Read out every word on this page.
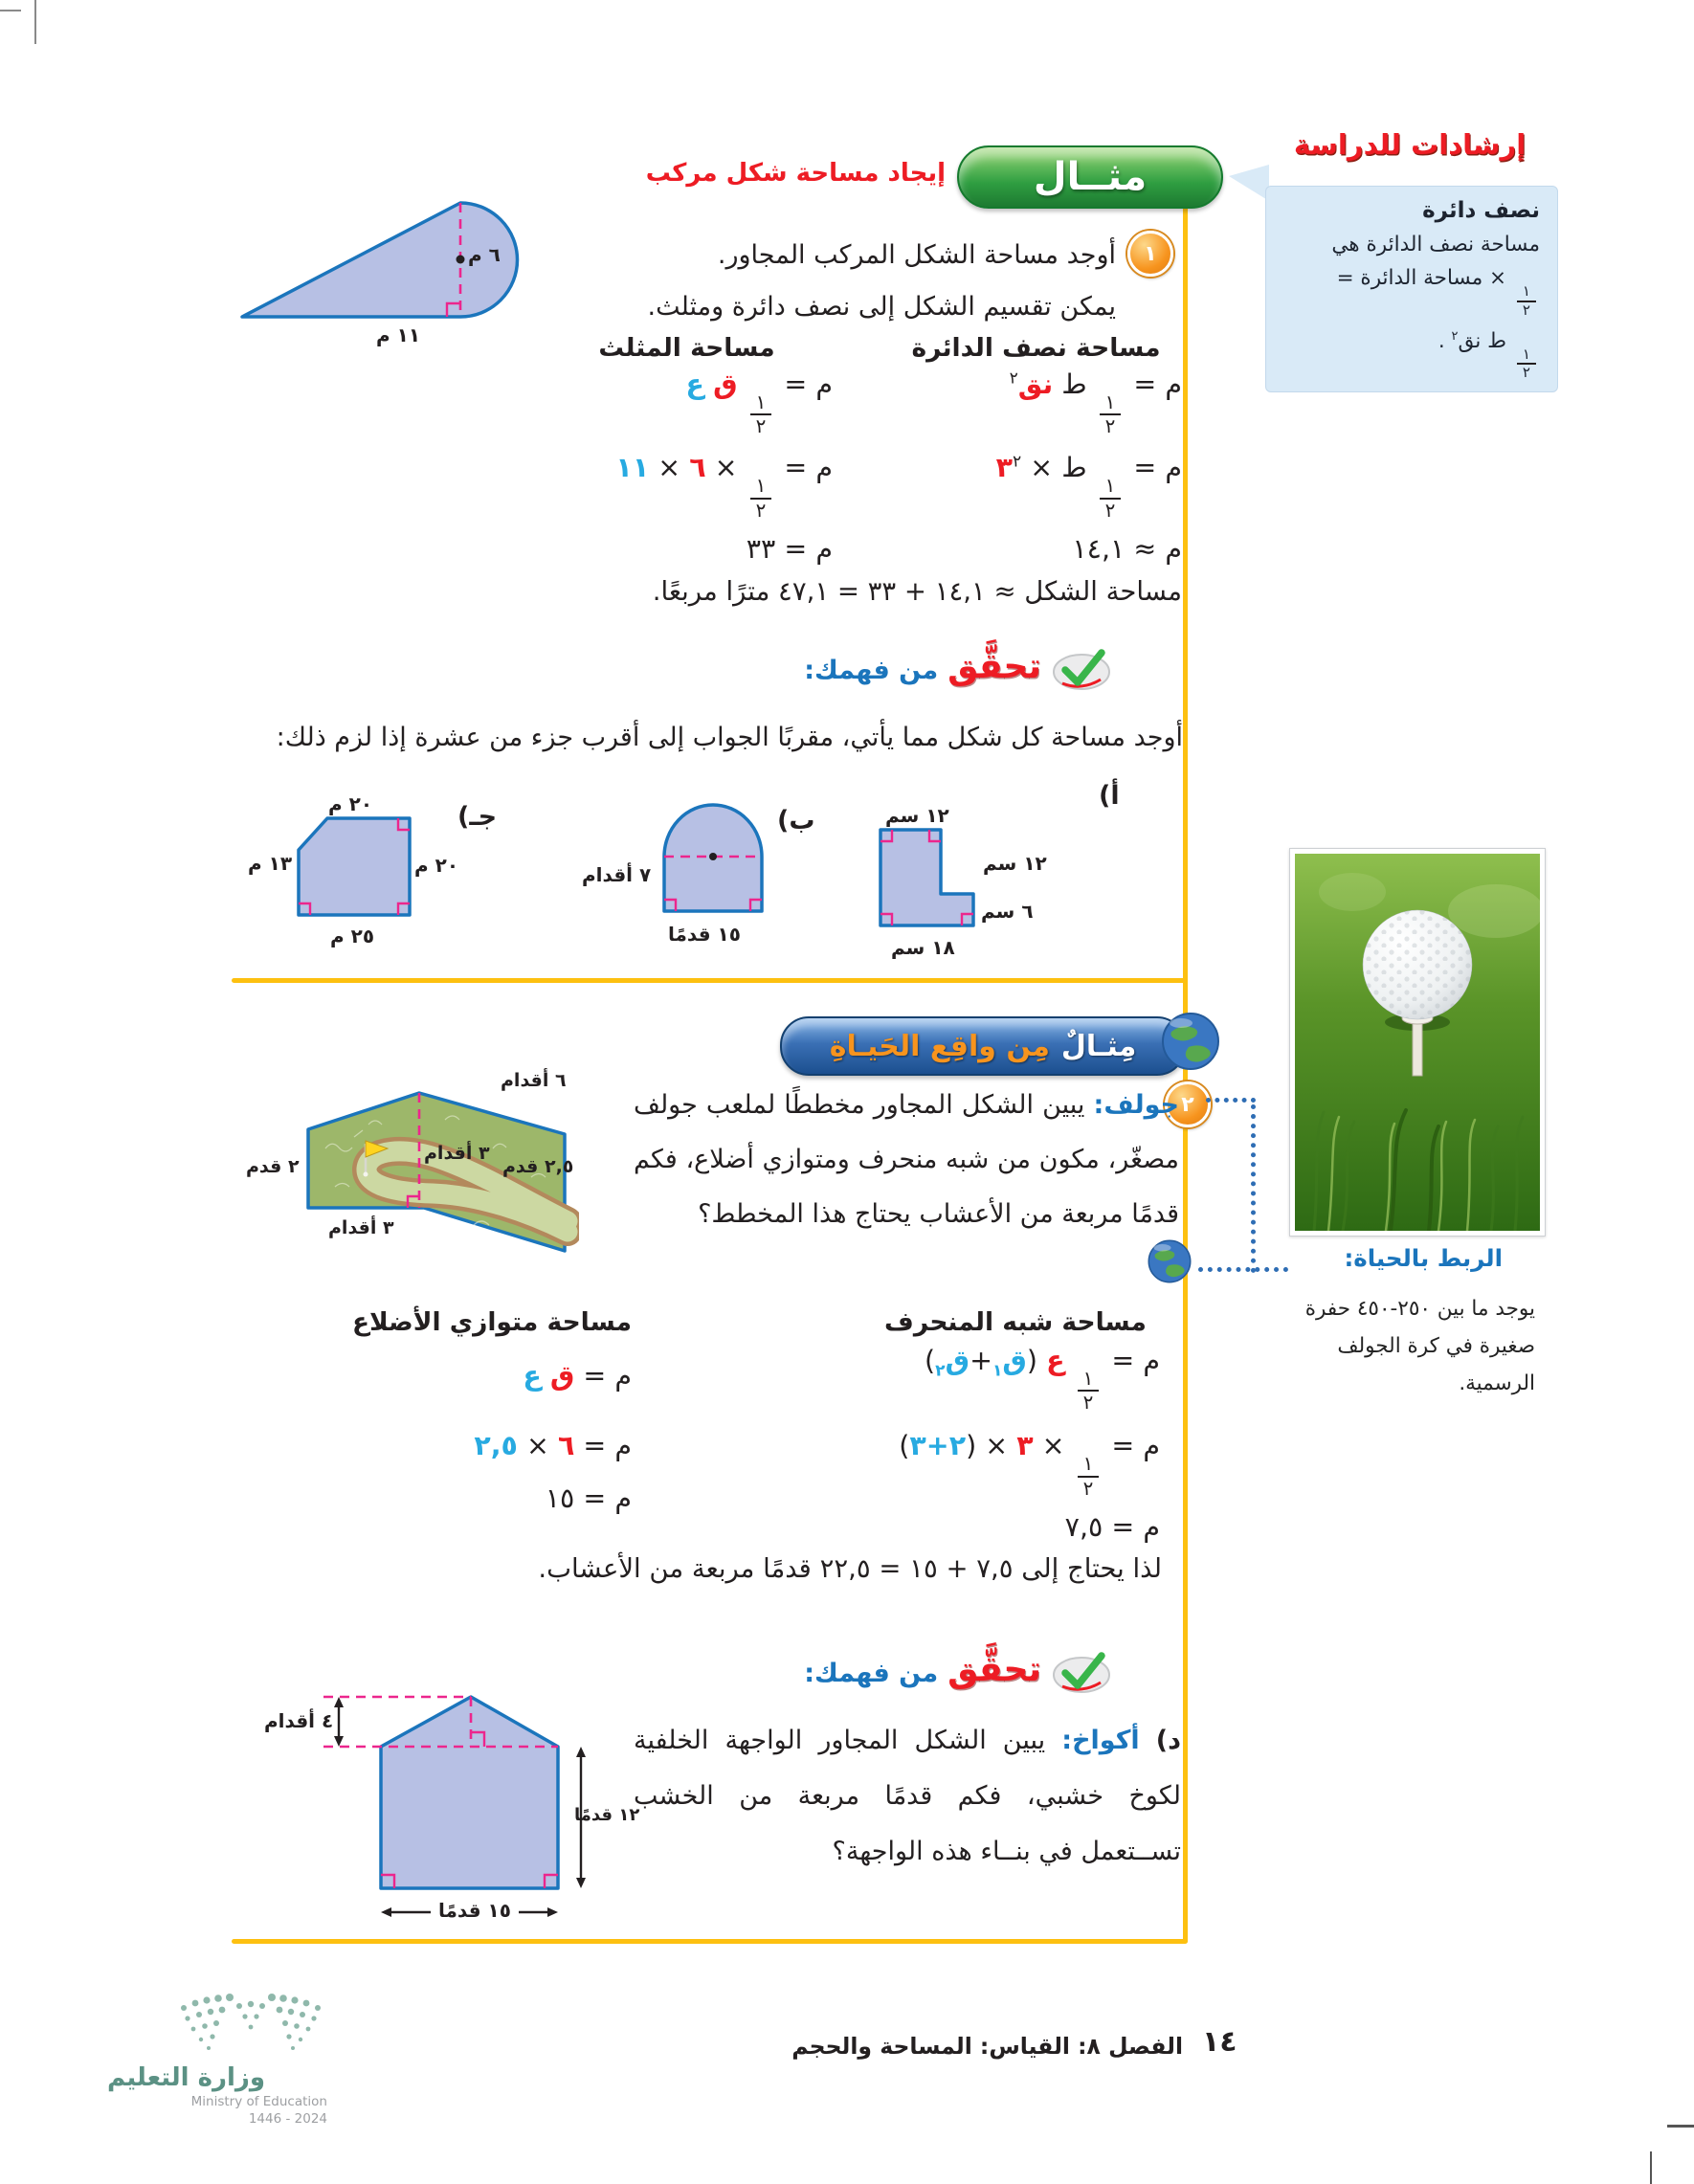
إرشادات للدراسة
نصف دائرة
مساحة نصف الدائرة هي
$\frac{١}{٢}$
× مساحة الدائرة =
$\frac{١}{٢}$
ط نق$^٢$ .
مثــال
إيجاد مساحة شكل مركب
١
أوجد مساحة الشكل المركب المجاور.
يمكن تقسيم الشكل إلى نصف دائرة ومثلث.
٦ م
١١ م	مساحة نصف الدائرة
م =
$\frac{١}{٢}$
ط نق$^٢$
م =
$\frac{١}{٢}$
ط × $٣^٢$
م ≈ ١٤,١
مساحة المثلث
م =
$\frac{١}{٢}$
ق ع
م =
$\frac{١}{٢}$
× ٦ × ١١
م = ٣٣
مساحة الشكل ≈ ١٤,١ + ٣٣ = ٤٧,١ مترًا مربعًا.
تحقَّق
من فهمك:
أوجد مساحة كل شكل مما يأتي، مقربًا الجواب إلى أقرب جزء من عشرة إذا لزم ذلك:
أ)
١٢ سم
١٢ سم
٦ سم
١٨ سم
ب)
٧ أقدام
١٥ قدمًا
جـ)
٢٠ م
٢٠ م
١٣ م
٢٥ م
مِثـالٌ
مِن واقِع الحَيـاةِ
٢
جولف: يبين الشكل المجاور مخططًا لملعب جولف مصغّر، مكون من شبه منحرف ومتوازي أضلاع، فكم قدمًا مربعة من الأعشاب يحتاج هذا المخطط؟
٦ أقدام
٢ قدم
٣ أقدام
٣ أقدام
٢,٥ قدم
مساحة شبه المنحرف
م =
$\frac{١}{٢}$
ع (ق$_١$+ق$_٢$)
م =
$\frac{١}{٢}$
× ٣ × (٢+٣)
م = ٧,٥
مساحة متوازي الأضلاع
م = ق ع
م = ٦ × ٢,٥
م = ١٥
لذا يحتاج إلى ٧,٥ + ١٥ = ٢٢,٥ قدمًا مربعة من الأعشاب.
الربط بالحياة:
يوجد ما بين ٢٥٠-٤٥٠ حفرة صغيرة في كرة الجولف الرسمية.
تحقَّق
من فهمك:
د) أكواخ: يبين الشكل المجاور الواجهة الخلفية لكوخ خشبي، فكم قدمًا مربعة من الخشب تســتعمل في بنــاء هذه الواجهة؟
٤ أقدام
١٢ قدمًا
١٥ قدمًا
الفصل ٨: القياس: المساحة والحجم ١٤
وزارة التعليم
Ministry of Education
2024 - 1446
